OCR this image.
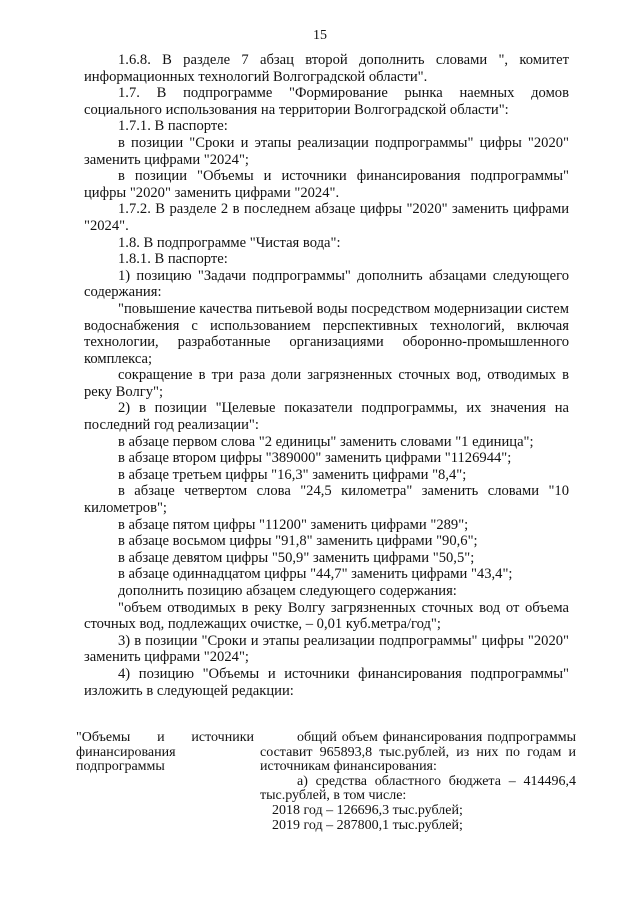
15

1.6.8. В разделе 7 абзац второй дополнить словами ", комитет информационных технологий Волгоградской области".

1.7. В подпрограмме "Формирование рынка наемных домов социального использования на территории Волгоградской области":

1.7.1. В паспорте:

в позиции "Сроки и этапы реализации подпрограммы" цифры "2020" заменить цифрами "2024";

в позиции "Объемы и источники финансирования подпрограммы" цифры "2020" заменить цифрами "2024".

1.7.2. В разделе 2 в последнем абзаце цифры "2020" заменить цифрами "2024".

1.8. В подпрограмме "Чистая вода":

1.8.1. В паспорте:

1) позицию "Задачи подпрограммы" дополнить абзацами следующего содержания:

"повышение качества питьевой воды посредством модернизации систем водоснабжения с использованием перспективных технологий, включая технологии, разработанные организациями оборонно-промышленного комплекса;

сокращение в три раза доли загрязненных сточных вод, отводимых в реку Волгу";

2) в позиции "Целевые показатели подпрограммы, их значения на последний год реализации":

в абзаце первом слова "2 единицы" заменить словами "1 единица";

в абзаце втором цифры "389000" заменить цифрами "1126944";

в абзаце третьем цифры "16,3" заменить цифрами "8,4";

в абзаце четвертом слова "24,5 километра" заменить словами "10 километров";

в абзаце пятом цифры "11200" заменить цифрами "289";

в абзаце восьмом цифры "91,8" заменить цифрами "90,6";

в абзаце девятом цифры "50,9" заменить цифрами "50,5";

в абзаце одиннадцатом цифры "44,7" заменить цифрами "43,4";

дополнить позицию абзацем следующего содержания:

"объем отводимых в реку Волгу загрязненных сточных вод от объема сточных вод, подлежащих очистке, – 0,01 куб.метра/год";

3) в позиции "Сроки и этапы реализации подпрограммы" цифры "2020" заменить цифрами "2024";

4) позицию "Объемы и источники финансирования подпрограммы" изложить в следующей редакции:

"Объемы и источники финансирования подпрограммы

общий объем финансирования подпрограммы составит 965893,8 тыс.рублей, из них по годам и источникам финансирования:

а) средства областного бюджета – 414496,4 тыс.рублей, в том числе:

2018 год – 126696,3 тыс.рублей;

2019 год – 287800,1 тыс.рублей;
